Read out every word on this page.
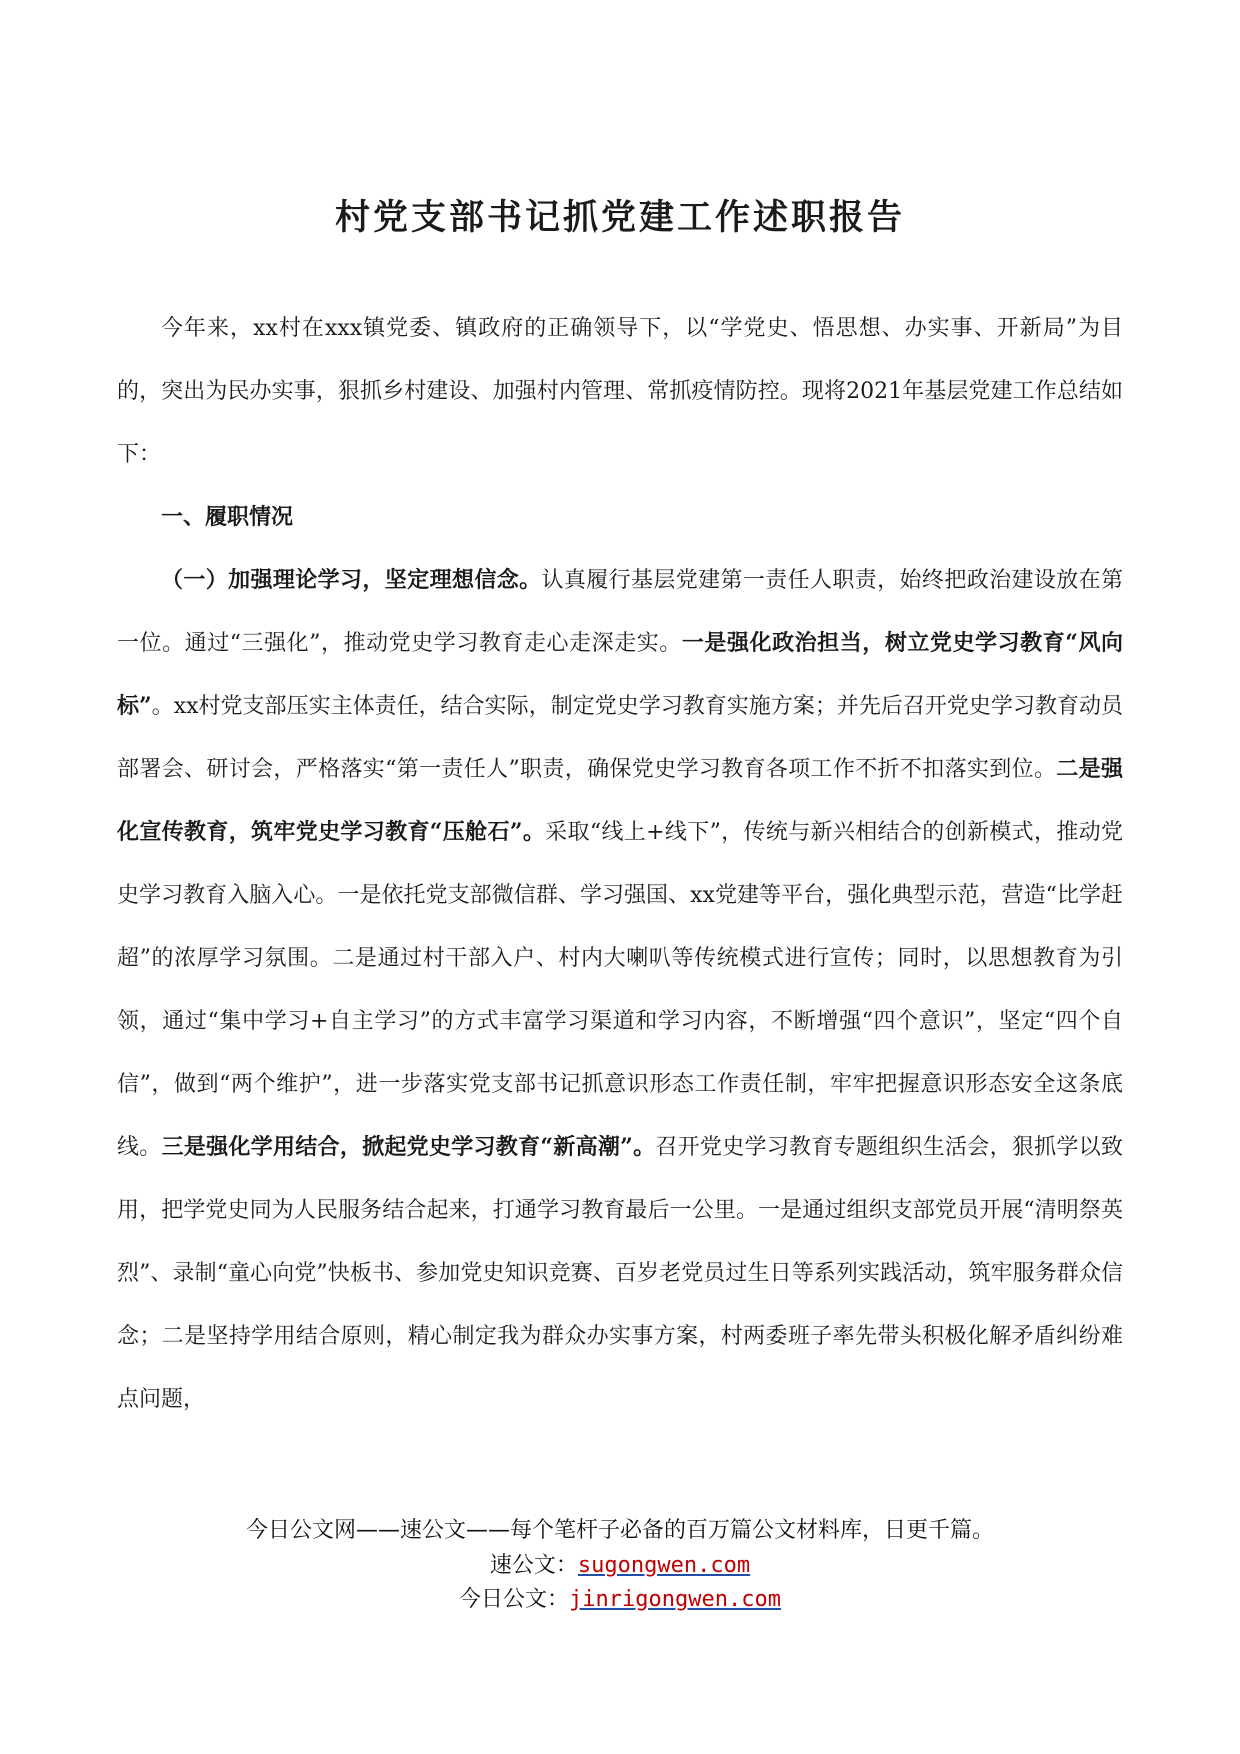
村党支部书记抓党建工作述职报告

今年来，xx村在xxx镇党委、镇政府的正确领导下，以“学党史、悟思想、办实事、开新局”为目的，突出为民办实事，狠抓乡村建设、加强村内管理、常抓疫情防控。现将2021年基层党建工作总结如下：

一、履职情况

（一）加强理论学习，坚定理想信念。认真履行基层党建第一责任人职责，始终把政治建设放在第一位。通过“三强化”，推动党史学习教育走心走深走实。一是强化政治担当，树立党史学习教育“风向标”。xx村党支部压实主体责任，结合实际，制定党史学习教育实施方案；并先后召开党史学习教育动员部署会、研讨会，严格落实“第一责任人”职责，确保党史学习教育各项工作不折不扣落实到位。二是强化宣传教育，筑牢党史学习教育“压舱石”。采取“线上+线下”，传统与新兴相结合的创新模式，推动党史学习教育入脑入心。一是依托党支部微信群、学习强国、xx党建等平台，强化典型示范，营造“比学赶超”的浓厚学习氛围。二是通过村干部入户、村内大喇叭等传统模式进行宣传；同时，以思想教育为引领，通过“集中学习+自主学习”的方式丰富学习渠道和学习内容，不断增强“四个意识”，坚定“四个自信”，做到“两个维护”，进一步落实党支部书记抓意识形态工作责任制，牢牢把握意识形态安全这条底线。三是强化学用结合，掀起党史学习教育“新高潮”。召开党史学习教育专题组织生活会，狠抓学以致用，把学党史同为人民服务结合起来，打通学习教育最后一公里。一是通过组织支部党员开展“清明祭英烈”、录制“童心向党”快板书、参加党史知识竞赛、百岁老党员过生日等系列实践活动，筑牢服务群众信念；二是坚持学用结合原则，精心制定我为群众办实事方案，村两委班子率先带头积极化解矛盾纠纷难点问题，

今日公文网——速公文——每个笔杆子必备的百万篇公文材料库，日更千篇。
速公文：sugongwen.com
今日公文：jinrigongwen.com
